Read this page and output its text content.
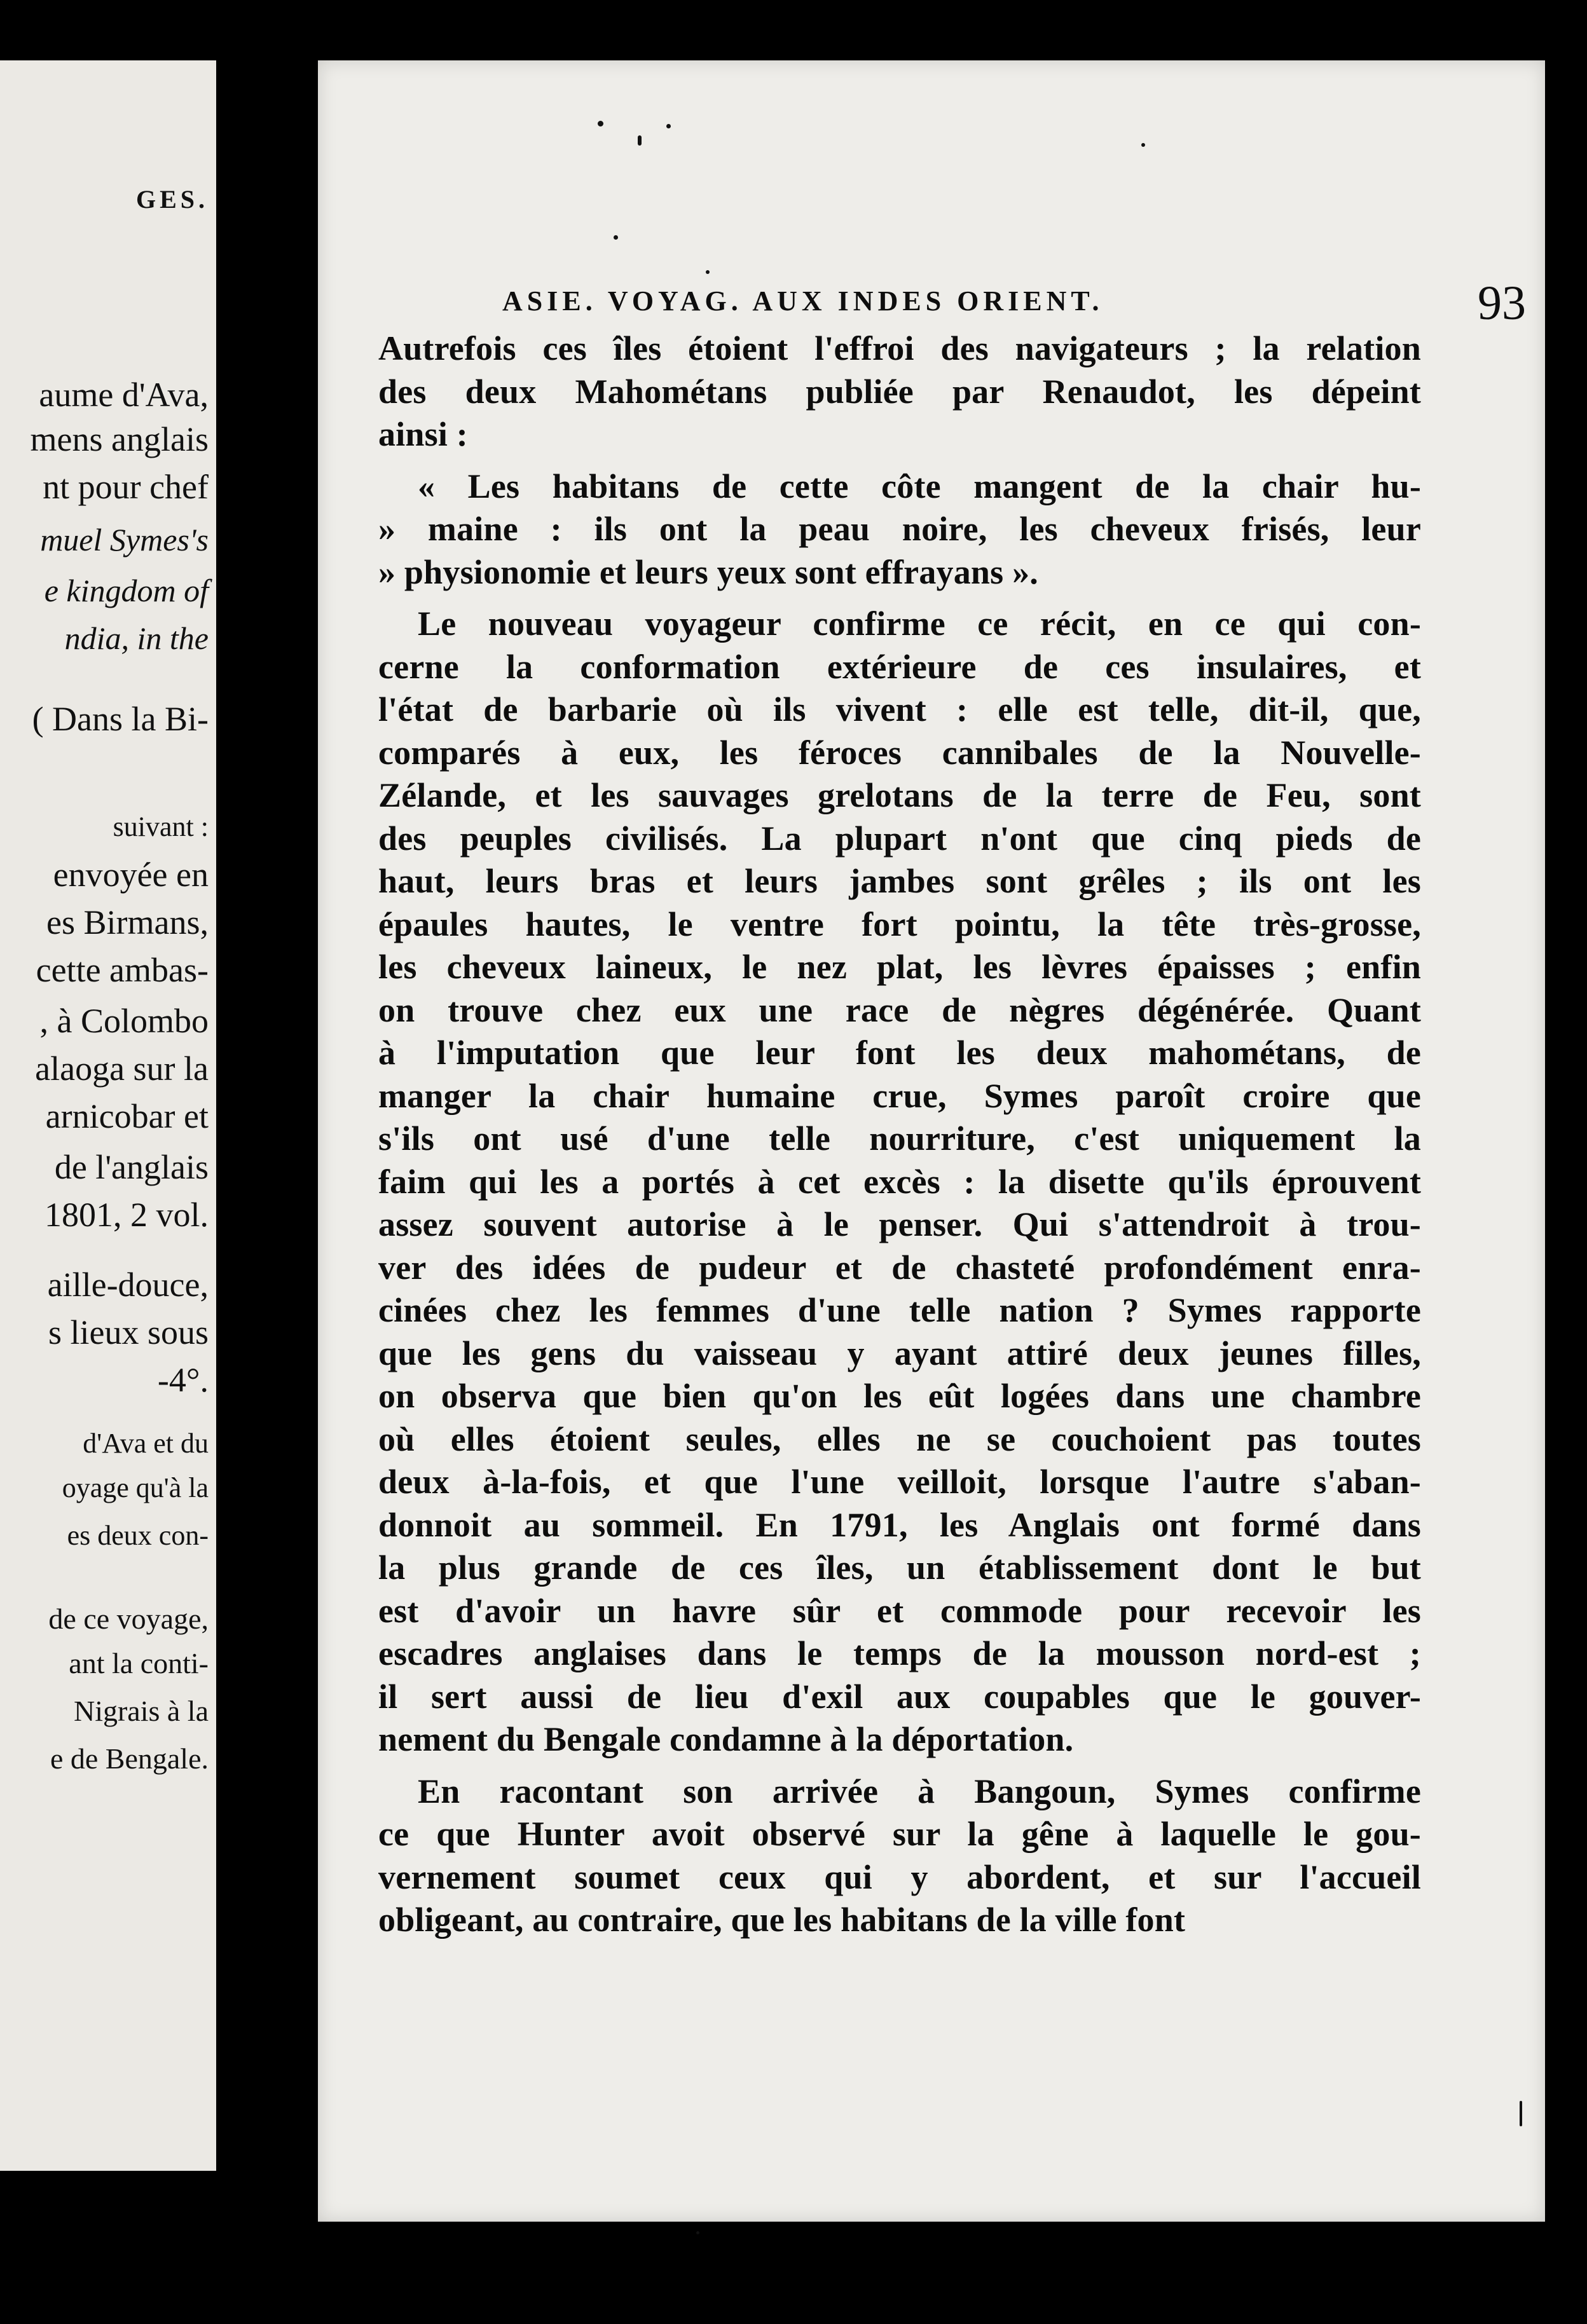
GES.
aume d'Ava,
mens anglais
nt pour chef
muel Symes's
e kingdom of
ndia, in the
( Dans la Bi-
suivant :
envoyée en
es Birmans,
cette ambas-
, à Colombo
alaoga sur la
arnicobar et
de l'anglais
1801, 2 vol.
aille-douce,
s lieux sous
-4°.
d'Ava et du
oyage qu'à la
es deux con-
de ce voyage,
ant la conti-
Nigrais à la
e de Bengale.
ASIE. VOYAG. AUX INDES ORIENT.	93
Autrefois ces îles étoient l'effroi des navigateurs ; la relation
des deux Mahométans publiée par Renaudot, les dépeint
ainsi :
« Les habitans de cette côte mangent de la chair hu-
» maine : ils ont la peau noire, les cheveux frisés, leur
» physionomie et leurs yeux sont effrayans ».
Le nouveau voyageur confirme ce récit, en ce qui con-
cerne la conformation extérieure de ces insulaires, et
l'état de barbarie où ils vivent : elle est telle, dit-il, que,
comparés à eux, les féroces cannibales de la Nouvelle-
Zélande, et les sauvages grelotans de la terre de Feu, sont
des peuples civilisés. La plupart n'ont que cinq pieds de
haut, leurs bras et leurs jambes sont grêles ; ils ont les
épaules hautes, le ventre fort pointu, la tête très-grosse,
les cheveux laineux, le nez plat, les lèvres épaisses ; enfin
on trouve chez eux une race de nègres dégénérée. Quant
à l'imputation que leur font les deux mahométans, de
manger la chair humaine crue, Symes paroît croire que
s'ils ont usé d'une telle nourriture, c'est uniquement la
faim qui les a portés à cet excès : la disette qu'ils éprouvent
assez souvent autorise à le penser. Qui s'attendroit à trou-
ver des idées de pudeur et de chasteté profondément enra-
cinées chez les femmes d'une telle nation ? Symes rapporte
que les gens du vaisseau y ayant attiré deux jeunes filles,
on observa que bien qu'on les eût logées dans une chambre
où elles étoient seules, elles ne se couchoient pas toutes
deux à-la-fois, et que l'une veilloit, lorsque l'autre s'aban-
donnoit au sommeil. En 1791, les Anglais ont formé dans
la plus grande de ces îles, un établissement dont le but
est d'avoir un havre sûr et commode pour recevoir les
escadres anglaises dans le temps de la mousson nord-est ;
il sert aussi de lieu d'exil aux coupables que le gouver-
nement du Bengale condamne à la déportation.
En racontant son arrivée à Bangoun, Symes confirme
ce que Hunter avoit observé sur la gêne à laquelle le gou-
vernement soumet ceux qui y abordent, et sur l'accueil
obligeant, au contraire, que les habitans de la ville font
